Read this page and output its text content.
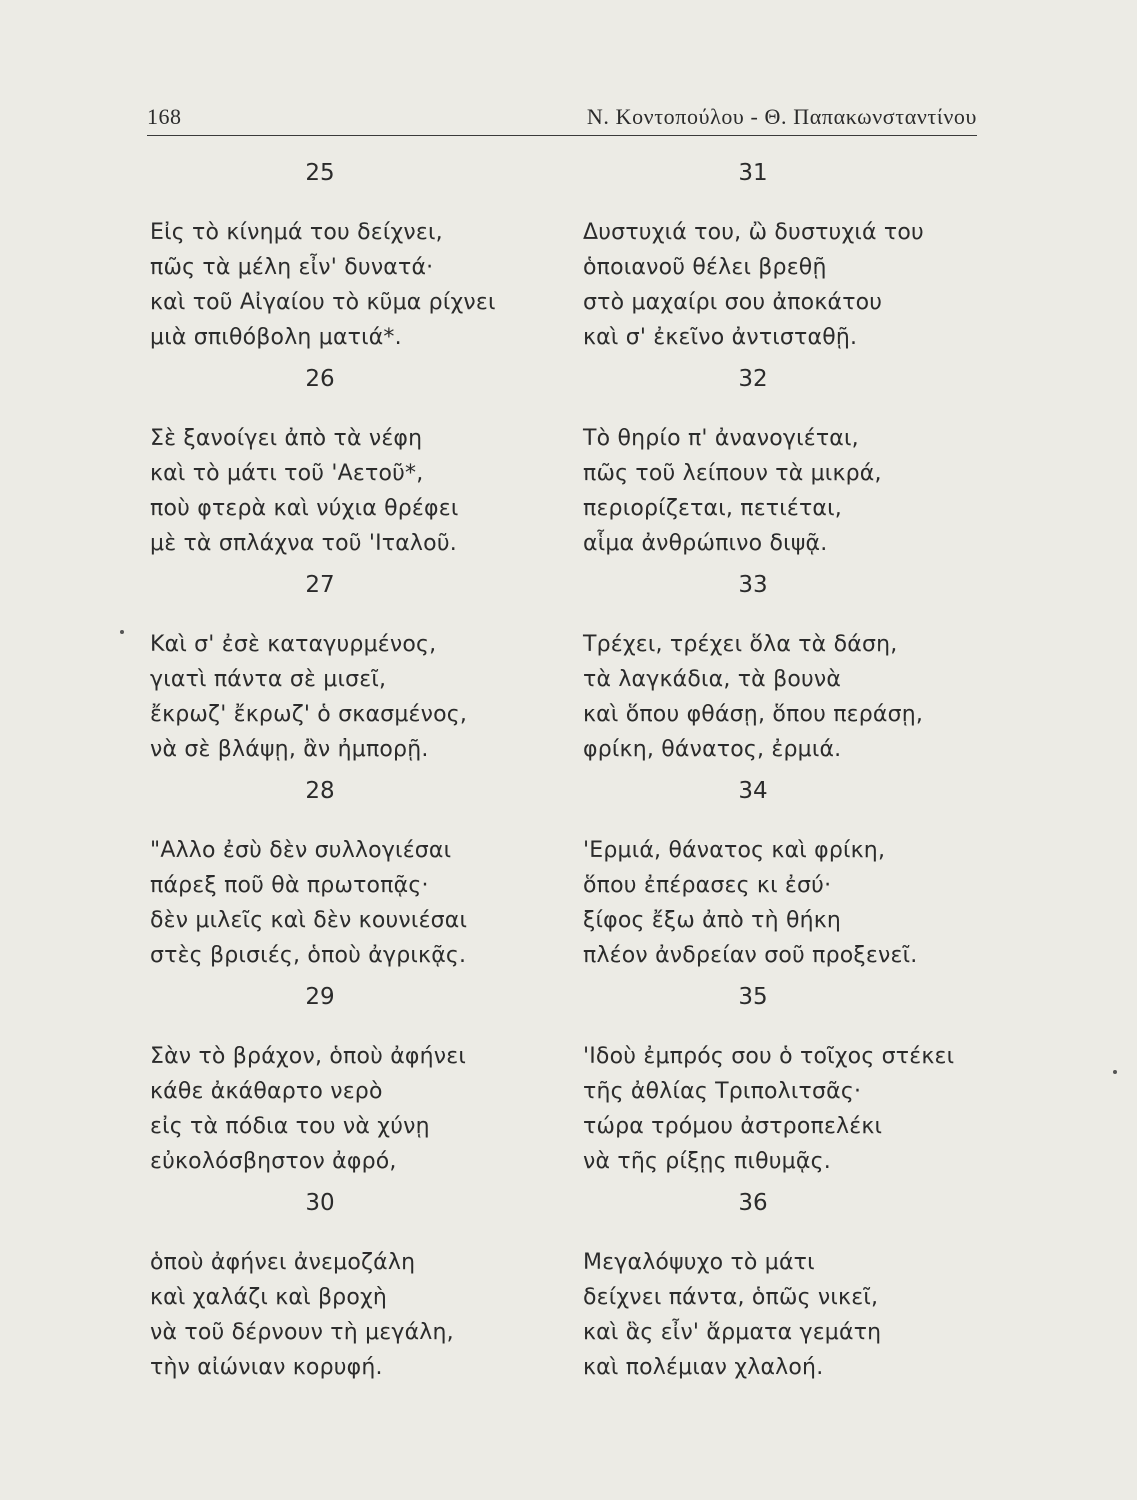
168	Ν. Κοντοπούλου - Θ. Παπακωνσταντίνου
25
Εἰς τὸ κίνημά του δείχνει,
πῶς τὰ μέλη εἶν' δυνατά·
καὶ τοῦ Αἰγαίου τὸ κῦμα ρίχνει
μιὰ σπιθόβολη ματιά*.
26
Σὲ ξανοίγει ἀπὸ τὰ νέφη
καὶ τὸ μάτι τοῦ 'Αετοῦ*,
ποὺ φτερὰ καὶ νύχια θρέφει
μὲ τὰ σπλάχνα τοῦ 'Ιταλοῦ.
27
Καὶ σ' ἐσὲ καταγυρμένος,
γιατὶ πάντα σὲ μισεῖ,
ἔκρωζ' ἔκρωζ' ὁ σκασμένος,
νὰ σὲ βλάψῃ, ἂν ἠμπορῇ.
28
"Αλλο ἐσὺ δὲν συλλογιέσαι
πάρεξ ποῦ θὰ πρωτοπᾷς·
δὲν μιλεῖς καὶ δὲν κουνιέσαι
στὲς βρισιές, ὁποὺ ἀγρικᾷς.
29
Σὰν τὸ βράχον, ὁποὺ ἀφήνει
κάθε ἀκάθαρτο νερὸ
εἰς τὰ πόδια του νὰ χύνῃ
εὐκολόσβηστον ἀφρό,
30
ὁποὺ ἀφήνει ἀνεμοζάλη
καὶ χαλάζι καὶ βροχὴ
νὰ τοῦ δέρνουν τὴ μεγάλη,
τὴν αἰώνιαν κορυφή.
31
Δυστυχιά του, ὢ δυστυχιά του
ὁποιανοῦ θέλει βρεθῇ
στὸ μαχαίρι σου ἀποκάτου
καὶ σ' ἐκεῖνο ἀντισταθῇ.
32
Τὸ θηρίο π' ἀνανογιέται,
πῶς τοῦ λείπουν τὰ μικρά,
περιορίζεται, πετιέται,
αἷμα ἀνθρώπινο διψᾷ.
33
Τρέχει, τρέχει ὅλα τὰ δάση,
τὰ λαγκάδια, τὰ βουνὰ
καὶ ὅπου φθάσῃ, ὅπου περάσῃ,
φρίκη, θάνατος, ἐρμιά.
34
'Ερμιά, θάνατος καὶ φρίκη,
ὅπου ἐπέρασες κι ἐσύ·
ξίφος ἔξω ἀπὸ τὴ θήκη
πλέον ἀνδρείαν σοῦ προξενεῖ.
35
'Ιδοὺ ἐμπρός σου ὁ τοῖχος στέκει
τῆς ἀθλίας Τριπολιτσᾶς·
τώρα τρόμου ἀστροπελέκι
νὰ τῆς ρίξῃς πιθυμᾷς.
36
Μεγαλόψυχο τὸ μάτι
δείχνει πάντα, ὁπῶς νικεῖ,
καὶ ἃς εἶν' ἅρματα γεμάτη
καὶ πολέμιαν χλαλοή.
